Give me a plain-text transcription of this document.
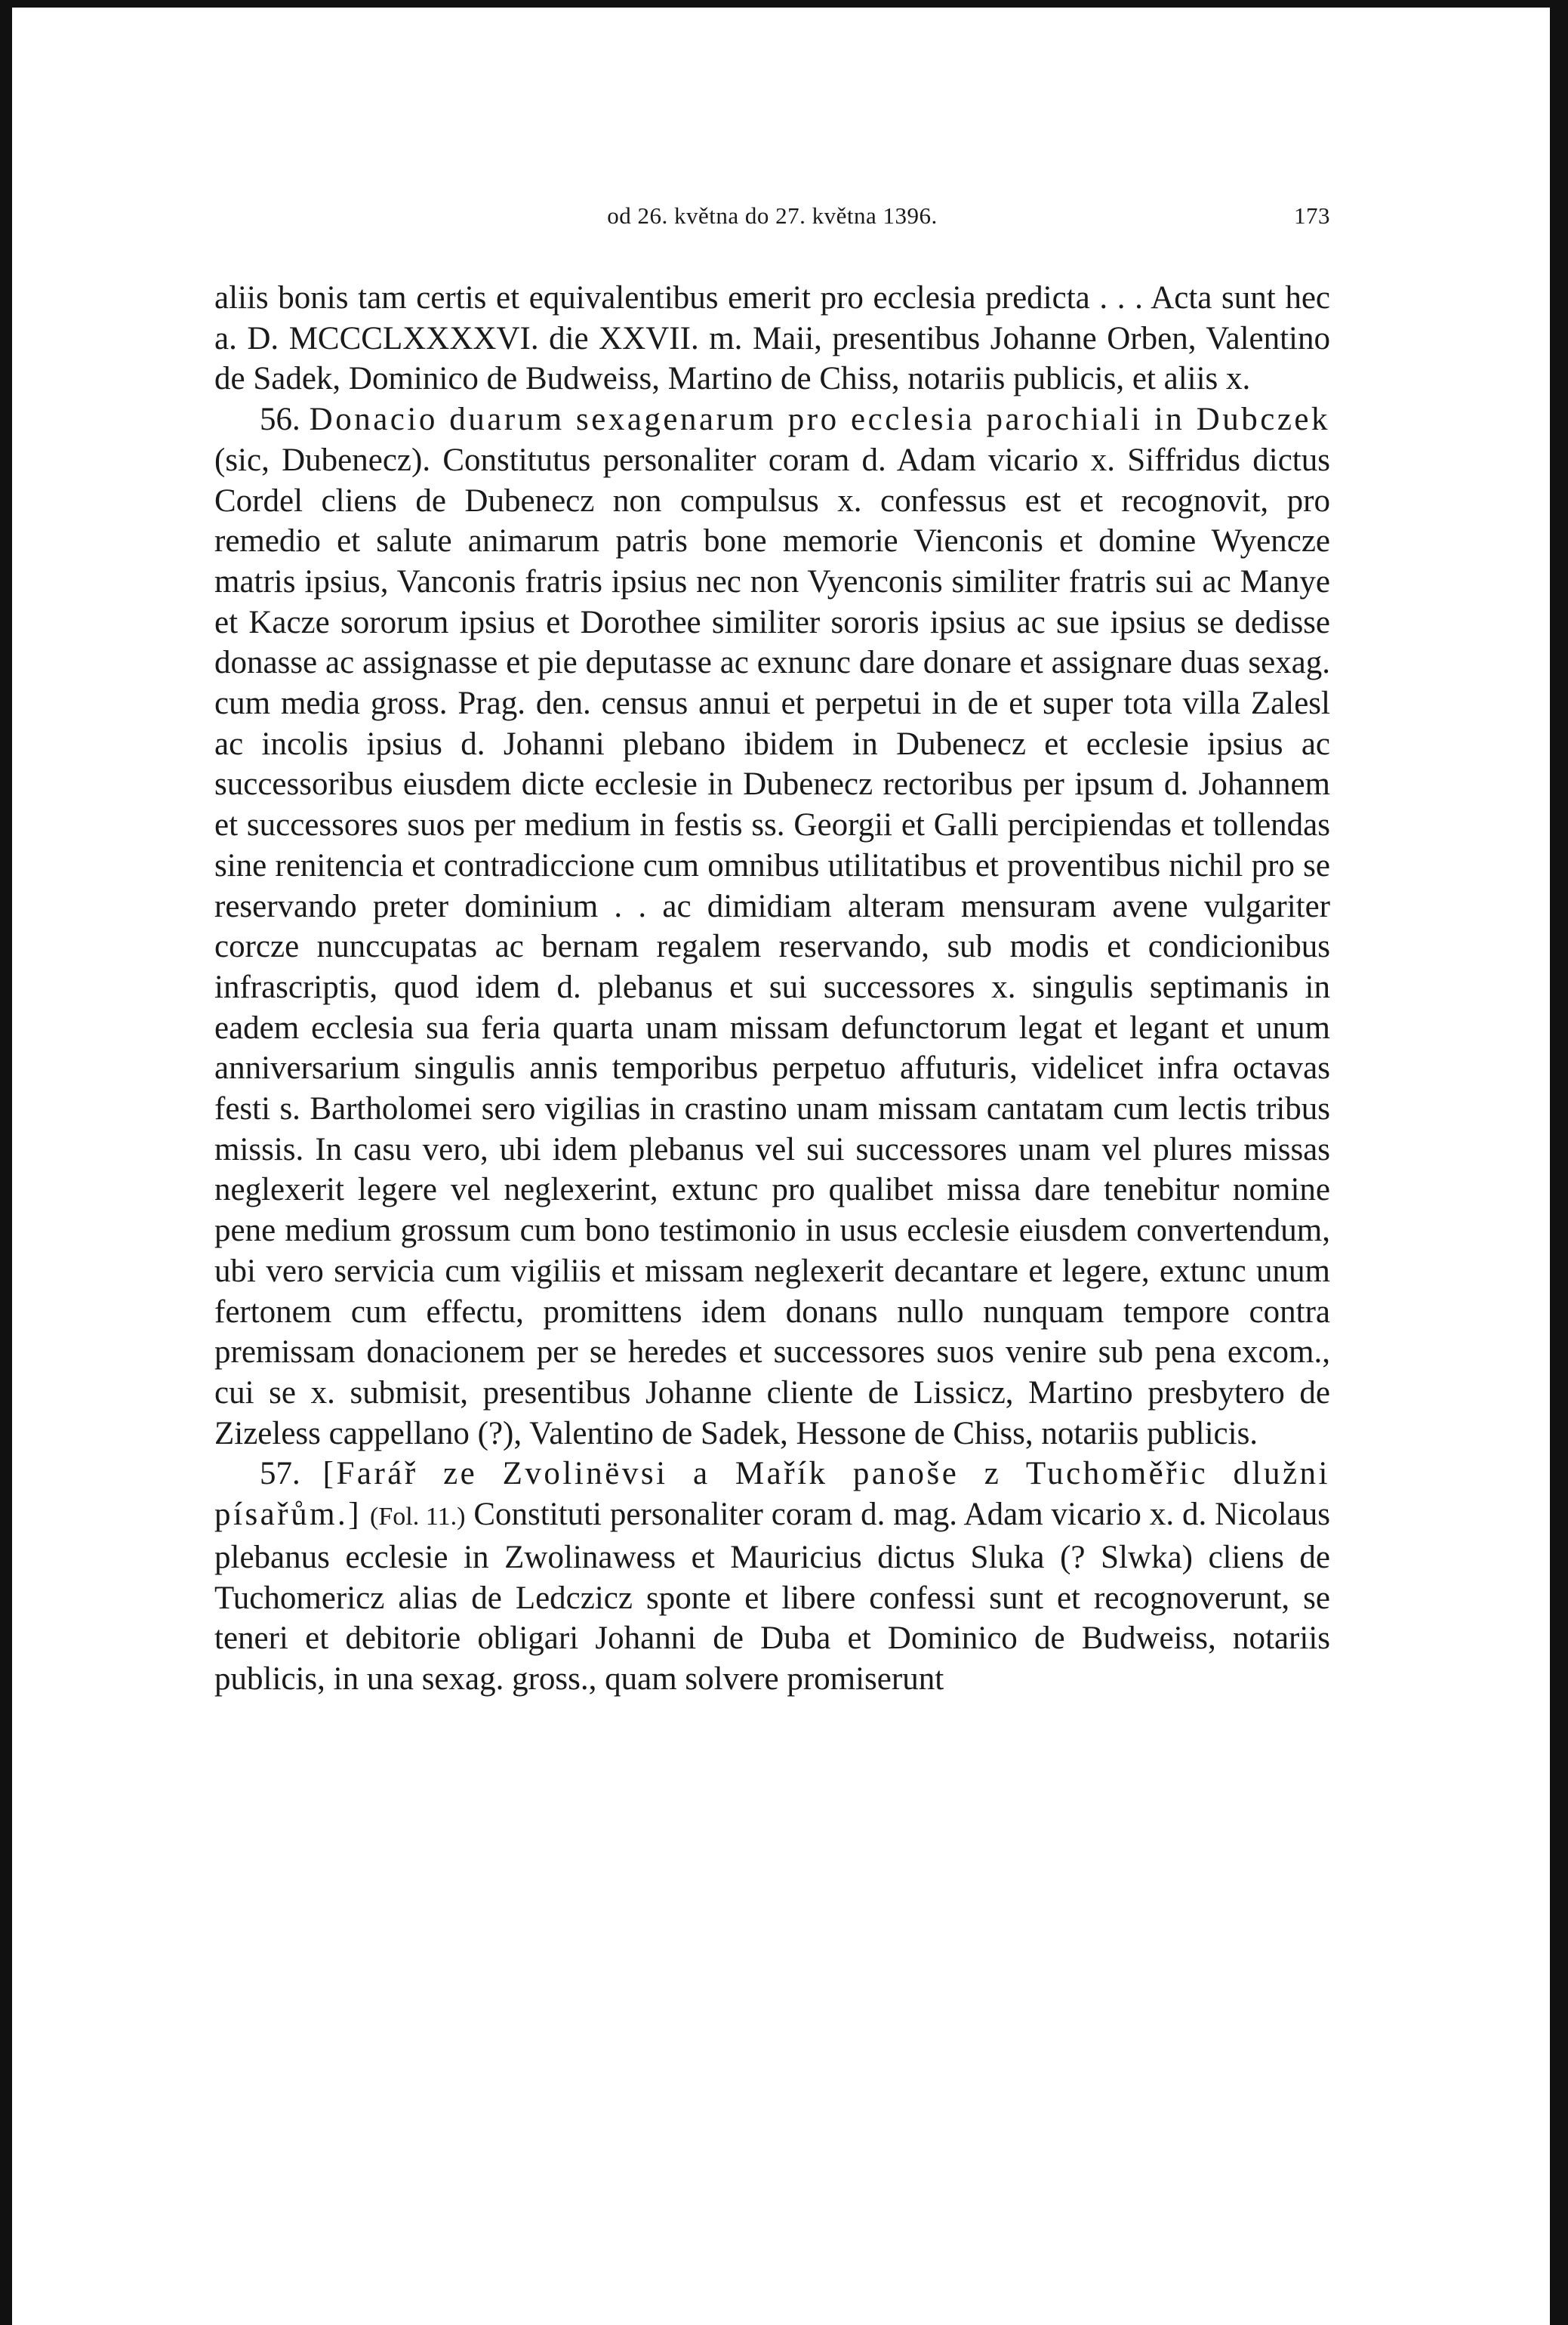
od 26. května do 27. května 1396.	173

aliis bonis tam certis et equivalentibus emerit pro ecclesia predicta . . . Acta sunt hec a. D. MCCCLXXXXVI. die XXVII. m. Maii, presentibus Johanne Orben, Valentino de Sadek, Dominico de Budweiss, Martino de Chiss, notariis publicis, et aliis x.

56. Donacio duarum sexagenarum pro ecclesia parochiali in Dubczek (sic, Dubenecz). Constitutus personaliter coram d. Adam vicario x. Siffridus dictus Cordel cliens de Dubenecz non compulsus x. confessus est et recognovit, pro remedio et salute animarum patris bone memorie Vienconis et domine Wyencze matris ipsius, Vanconis fratris ipsius nec non Vyenconis similiter fratris sui ac Manye et Kacze sororum ipsius et Dorothee similiter sororis ipsius ac sue ipsius se dedisse donasse ac assignasse et pie deputasse ac exnunc dare donare et assignare duas sexag. cum media gross. Prag. den. census annui et perpetui in de et super tota villa Zalesl ac incolis ipsius d. Johanni plebano ibidem in Dubenecz et ecclesie ipsius ac successoribus eiusdem dicte ecclesie in Dubenecz rectoribus per ipsum d. Johannem et successores suos per medium in festis ss. Georgii et Galli percipiendas et tollendas sine renitencia et contradiccione cum omnibus utilitatibus et proventibus nichil pro se reservando preter dominium . . ac dimidiam alteram mensuram avene vulgariter corcze nunccupatas ac bernam regalem reservando, sub modis et condicionibus infrascriptis, quod idem d. plebanus et sui successores x. singulis septimanis in eadem ecclesia sua feria quarta unam missam defunctorum legat et legant et unum anniversarium singulis annis temporibus perpetuo affuturis, videlicet infra octavas festi s. Bartholomei sero vigilias in crastino unam missam cantatam cum lectis tribus missis. In casu vero, ubi idem plebanus vel sui successores unam vel plures missas neglexerit legere vel neglexerint, extunc pro qualibet missa dare tenebitur nomine pene medium grossum cum bono testimonio in usus ecclesie eiusdem convertendum, ubi vero servicia cum vigiliis et missam neglexerit decantare et legere, extunc unum fertonem cum effectu, promittens idem donans nullo nunquam tempore contra premissam donacionem per se heredes et successores suos venire sub pena excom., cui se x. submisit, presentibus Johanne cliente de Lissicz, Martino presbytero de Zizeless cappellano (?), Valentino de Sadek, Hessone de Chiss, notariis publicis.

57. [Farář ze Zvolinëvsi a Mařík panoše z Tuchoměřic dlužni písařům.] (Fol. 11.) Constituti personaliter coram d. mag. Adam vicario x. d. Nicolaus plebanus ecclesie in Zwolinawess et Mauricius dictus Sluka (? Slwka) cliens de Tuchomericz alias de Ledczicz sponte et libere confessi sunt et recognoverunt, se teneri et debitorie obligari Johanni de Duba et Dominico de Budweiss, notariis publicis, in una sexag. gross., quam solvere promiserunt
